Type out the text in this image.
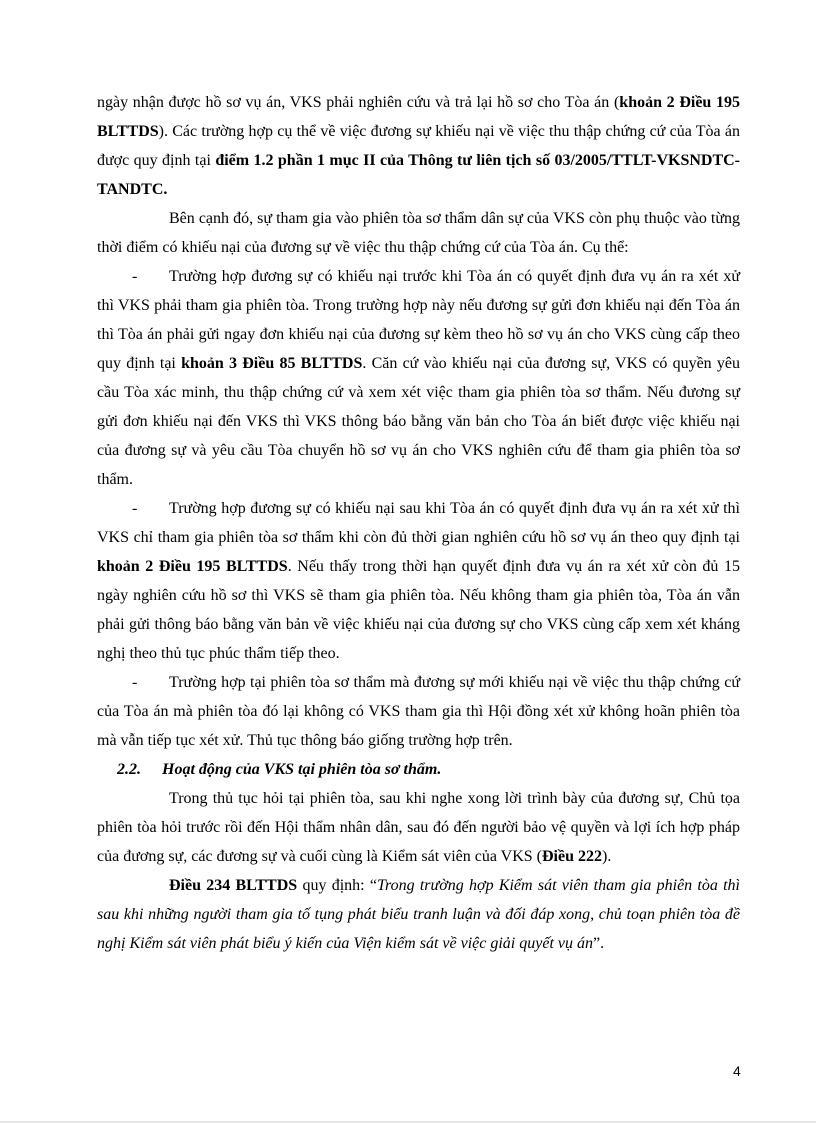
ngày nhận được hồ sơ vụ án, VKS phải nghiên cứu và trả lại hồ sơ cho Tòa án (khoản 2 Điều 195 BLTTDS). Các trường hợp cụ thể về việc đương sự khiếu nại về việc thu thập chứng cứ của Tòa án được quy định tại điểm 1.2 phần 1 mục II của Thông tư liên tịch số 03/2005/TTLT-VKSNDTC-TANDTC.

Bên cạnh đó, sự tham gia vào phiên tòa sơ thẩm dân sự của VKS còn phụ thuộc vào từng thời điểm có khiếu nại của đương sự về việc thu thập chứng cứ của Tòa án. Cụ thể:

- Trường hợp đương sự có khiếu nại trước khi Tòa án có quyết định đưa vụ án ra xét xử thì VKS phải tham gia phiên tòa. Trong trường hợp này nếu đương sự gửi đơn khiếu nại đến Tòa án thì Tòa án phải gửi ngay đơn khiếu nại của đương sự kèm theo hồ sơ vụ án cho VKS cùng cấp theo quy định tại khoản 3 Điều 85 BLTTDS. Căn cứ vào khiếu nại của đương sự, VKS có quyền yêu cầu Tòa xác minh, thu thập chứng cứ và xem xét việc tham gia phiên tòa sơ thẩm. Nếu đương sự gửi đơn khiếu nại đến VKS thì VKS thông báo bằng văn bản cho Tòa án biết được việc khiếu nại của đương sự và yêu cầu Tòa chuyển hồ sơ vụ án cho VKS nghiên cứu để tham gia phiên tòa sơ thẩm.

- Trường hợp đương sự có khiếu nại sau khi Tòa án có quyết định đưa vụ án ra xét xử thì VKS chỉ tham gia phiên tòa sơ thẩm khi còn đủ thời gian nghiên cứu hồ sơ vụ án theo quy định tại khoản 2 Điều 195 BLTTDS. Nếu thấy trong thời hạn quyết định đưa vụ án ra xét xử còn đủ 15 ngày nghiên cứu hồ sơ thì VKS sẽ tham gia phiên tòa. Nếu không tham gia phiên tòa, Tòa án vẫn phải gửi thông báo bằng văn bản về việc khiếu nại của đương sự cho VKS cùng cấp xem xét kháng nghị theo thủ tục phúc thẩm tiếp theo.

- Trường hợp tại phiên tòa sơ thẩm mà đương sự mới khiếu nại về việc thu thập chứng cứ của Tòa án mà phiên tòa đó lại không có VKS tham gia thì Hội đồng xét xử không hoãn phiên tòa mà vẫn tiếp tục xét xử. Thủ tục thông báo giống trường hợp trên.

2.2. Hoạt động của VKS tại phiên tòa sơ thẩm.

Trong thủ tục hỏi tại phiên tòa, sau khi nghe xong lời trình bày của đương sự, Chủ tọa phiên tòa hỏi trước rồi đến Hội thẩm nhân dân, sau đó đến người bảo vệ quyền và lợi ích hợp pháp của đương sự, các đương sự và cuối cùng là Kiểm sát viên của VKS (Điều 222).

Điều 234 BLTTDS quy định: “Trong trường hợp Kiểm sát viên tham gia phiên tòa thì sau khi những người tham gia tố tụng phát biểu tranh luận và đối đáp xong, chủ toạn phiên tòa đề nghị Kiểm sát viên phát biểu ý kiến của Viện kiểm sát về việc giải quyết vụ án”.

4
